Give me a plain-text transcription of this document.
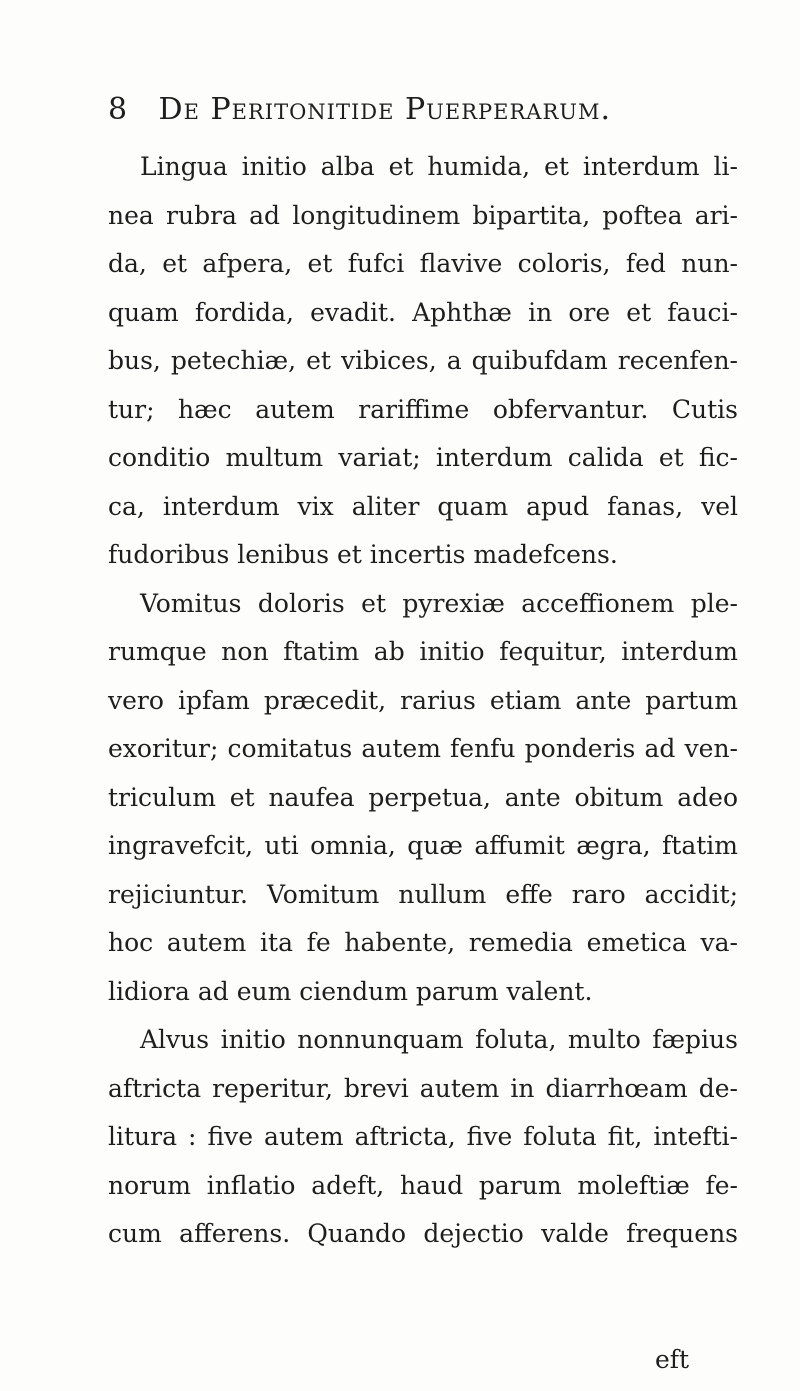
8 De Peritonitide Puerperarum.
Lingua initio alba et humida, et interdum li-
nea rubra ad longitudinem bipartita, poftea ari-
da, et afpera, et fufci flavive coloris, fed nun-
quam fordida, evadit. Aphthæ in ore et fauci-
bus, petechiæ, et vibices, a quibufdam recenfen-
tur; hæc autem rariffime obfervantur. Cutis
conditio multum variat; interdum calida et fic-
ca, interdum vix aliter quam apud fanas, vel
fudoribus lenibus et incertis madefcens.
Vomitus doloris et pyrexiæ acceffionem ple-
rumque non ftatim ab initio fequitur, interdum
vero ipfam præcedit, rarius etiam ante partum
exoritur; comitatus autem fenfu ponderis ad ven-
triculum et naufea perpetua, ante obitum adeo
ingravefcit, uti omnia, quæ affumit ægra, ftatim
rejiciuntur. Vomitum nullum effe raro accidit;
hoc autem ita fe habente, remedia emetica va-
lidiora ad eum ciendum parum valent.
Alvus initio nonnunquam foluta, multo fæpius
aftricta reperitur, brevi autem in diarrhœam de-
litura : five autem aftricta, five foluta fit, intefti-
norum inflatio adeft, haud parum moleftiæ fe-
cum afferens. Quando dejectio valde frequens
eft
